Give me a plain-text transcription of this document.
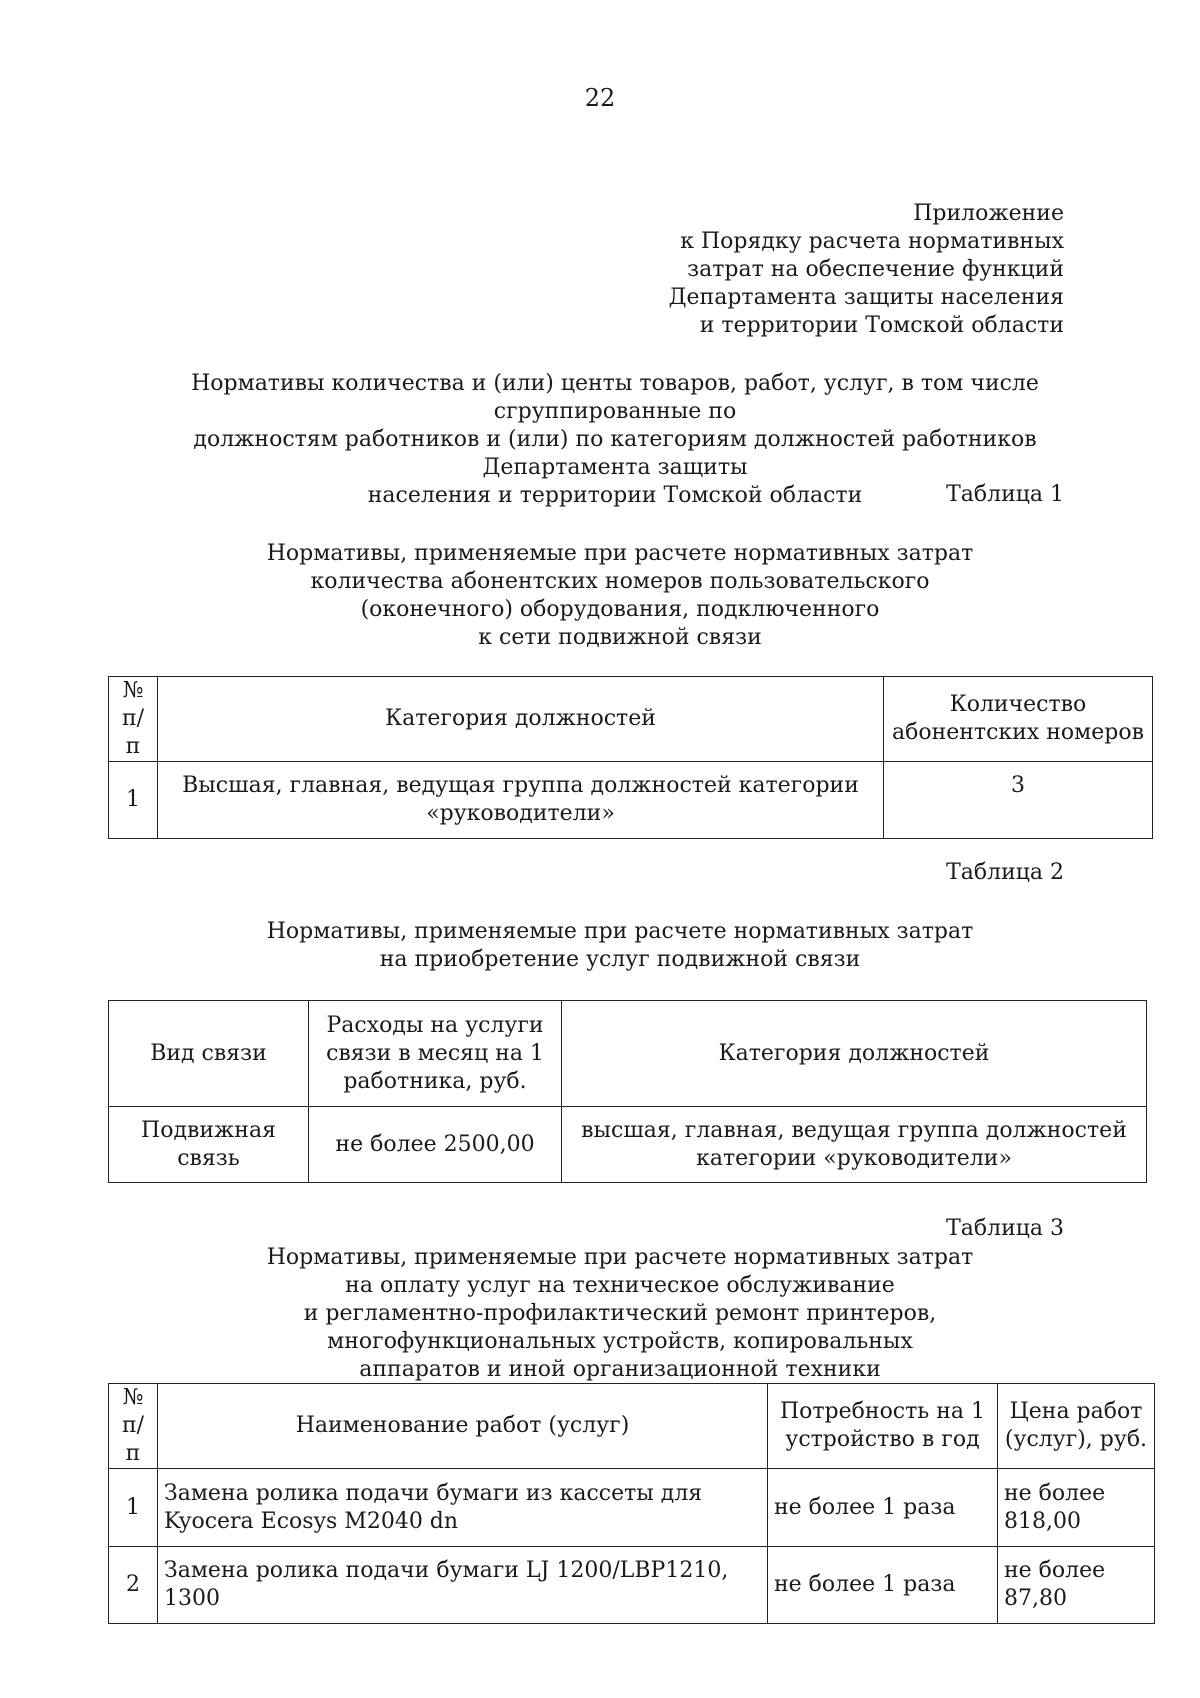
22
Приложение
к Порядку расчета нормативных
затрат на обеспечение функций
Департамента защиты населения
и территории Томской области
Нормативы количества и (или) центы товаров, работ, услуг, в том числе сгруппированные по
должностям работников и (или) по категориям должностей работников Департамента защиты
населения и территории Томской области	Таблица 1
Нормативы, применяемые при расчете нормативных затрат
количества абонентских номеров пользовательского
(оконечного) оборудования, подключенного
к сети подвижной связи
№ п/п	Категория должностей	Количество абонентских номеров
1	Высшая, главная, ведущая группа должностей категории «руководители»	3
Таблица 2
Нормативы, применяемые при расчете нормативных затрат
на приобретение услуг подвижной связи
Вид связи	Расходы на услуги связи в месяц на 1 работника, руб.	Категория должностей
Подвижная связь	не более 2500,00	высшая, главная, ведущая группа должностей категории «руководители»
Таблица 3
Нормативы, применяемые при расчете нормативных затрат
на оплату услуг на техническое обслуживание
и регламентно-профилактический ремонт принтеров,
многофункциональных устройств, копировальных
аппаратов и иной организационной техники
№ п/п	Наименование работ (услуг)	Потребность на 1 устройство в год	Цена работ (услуг), руб.
1	Замена ролика подачи бумаги из кассеты для Kyocera Ecosys M2040 dn	не более 1 раза	не более 818,00
2	Замена ролика подачи бумаги LJ 1200/LBP1210, 1300	не более 1 раза	не более 87,80
